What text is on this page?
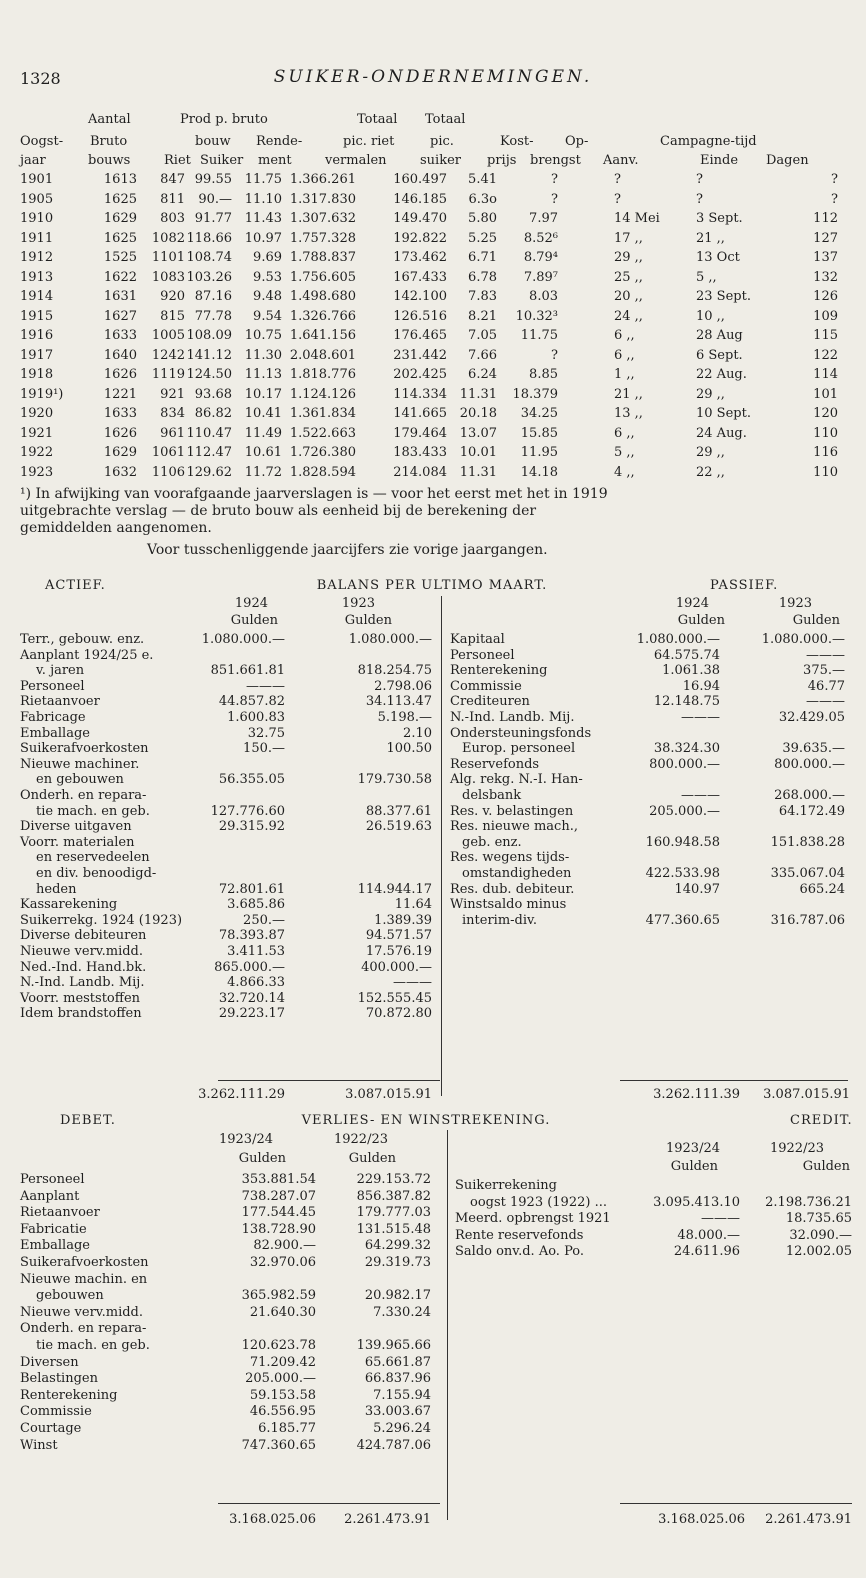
1328	SUIKER-ONDERNEMINGEN.
Aantal	Prod p. bruto	Totaal Totaal
Oogst- Bruto	bouw Rende-	pic. riet	pic.	Kost- Op-	Campagne-tijd
jaar	bouws	Riet Suiker ment	vermalen	suiker prijs brengst Aanv.	Einde Dagen
1901	1613 847 99.55 11.75 1.366.261	160.497 5.41	?	?	?	?
1905	1625 811 90.— 11.10 1.317.830	146.185 6.3o	?	?	?	?
1910	1629 803 91.77 11.43 1.307.632	149.470 5.80 7.97	14 Mei	3 Sept.	112
1911	1625 1082 118.66 10.97 1.757.328	192.822 5.25 8.52⁶	17 ,,	21 ,,	127
1912	1525 1101 108.74 9.69 1.788.837	173.462 6.71 8.79⁴	29 ,,	13 Oct	137
1913	1622 1083 103.26 9.53 1.756.605	167.433 6.78 7.89⁷	25 ,,	5 ,,	132
1914	1631 920 87.16 9.48 1.498.680	142.100 7.83 8.03	20 ,,	23 Sept.	126
1915	1627 815 77.78 9.54 1.326.766	126.516 8.21 10.32³	24 ,,	10 ,,	109
1916	1633 1005 108.09 10.75 1.641.156	176.465 7.05 11.75	6 ,,	28 Aug	115
1917	1640 1242 141.12 11.30 2.048.601	231.442 7.66	?	6 ,,	6 Sept.	122
1918	1626 1119 124.50 11.13 1.818.776	202.425 6.24 8.85	1 ,,	22 Aug.	114
1919¹)	1221 921 93.68 10.17 1.124.126	114.334 11.31 18.379	21 ,,	29 ,,	101
1920	1633 834 86.82 10.41 1.361.834	141.665 20.18 34.25	13 ,,	10 Sept.	120
1921	1626 961 110.47 11.49 1.522.663	179.464 13.07 15.85	6 ,,	24 Aug.	110
1922	1629 1061 112.47 10.61 1.726.380	183.433 10.01 11.95	5 ,,	29 ,,	116
1923	1632 1106 129.62 11.72 1.828.594	214.084 11.31 14.18	4 ,,	22 ,,	110
¹) In afwijking van voorafgaande jaarverslagen is — voor het eerst met het in 1919
uitgebrachte verslag — de bruto bouw als eenheid bij de berekening der
gemiddelden aangenomen.
Voor tusschenliggende jaarcijfers zie vorige jaargangen.
ACTIEF.	BALANS PER ULTIMO MAART.	PASSIEF.
1924	1923
Gulden	Gulden
1924	1923
Gulden	Gulden
Terr., gebouw. enz.	1.080.000.—	1.080.000.—
Aanplant 1924/25 e.
v. jaren	851.661.81	818.254.75
Personeel	———	2.798.06
Rietaanvoer	44.857.82	34.113.47
Fabricage	1.600.83	5.198.—
Emballage	32.75	2.10
Suikerafvoerkosten	150.—	100.50
Nieuwe machiner.
en gebouwen	56.355.05	179.730.58
Onderh. en repara-
tie mach. en geb.	127.776.60	88.377.61
Diverse uitgaven	29.315.92	26.519.63
Voorr. materialen
en reservedeelen
en div. benoodigd-
heden	72.801.61	114.944.17
Kassarekening	3.685.86	11.64
Suikerrekg. 1924 (1923)	250.—	1.389.39
Diverse debiteuren	78.393.87	94.571.57
Nieuwe verv.midd.	3.411.53	17.576.19
Ned.-Ind. Hand.bk.	865.000.—	400.000.—
N.-Ind. Landb. Mij.	4.866.33	———
Voorr. meststoffen	32.720.14	152.555.45
Idem brandstoffen	29.223.17	70.872.80
Kapitaal	1.080.000.—	1.080.000.—
Personeel	64.575.74	———
Renterekening	1.061.38	375.—
Commissie	16.94	46.77
Crediteuren	12.148.75	———
N.-Ind. Landb. Mij.	———	32.429.05
Ondersteuningsfonds
Europ. personeel	38.324.30	39.635.—
Reservefonds	800.000.—	800.000.—
Alg. rekg. N.-I. Han-
delsbank	———	268.000.—
Res. v. belastingen	205.000.—	64.172.49
Res. nieuwe mach.,
geb. enz.	160.948.58	151.838.28
Res. wegens tijds-
omstandigheden	422.533.98	335.067.04
Res. dub. debiteur.	140.97	665.24
Winstsaldo minus
interim-div.	477.360.65	316.787.06
3.262.111.29	3.087.015.91	3.262.111.39 3.087.015.91
DEBET.	VERLIES- EN WINSTREKENING.	CREDIT.
1923/24	1922/23
Gulden	Gulden
1923/24	1922/23
Gulden	Gulden
Personeel	353.881.54	229.153.72
Aanplant	738.287.07	856.387.82
Rietaanvoer	177.544.45	179.777.03
Fabricatie	138.728.90	131.515.48
Emballage	82.900.—	64.299.32
Suikerafvoerkosten	32.970.06	29.319.73
Nieuwe machin. en
gebouwen	365.982.59	20.982.17
Nieuwe verv.midd.	21.640.30	7.330.24
Onderh. en repara-
tie mach. en geb.	120.623.78	139.965.66
Diversen	71.209.42	65.661.87
Belastingen	205.000.—	66.837.96
Renterekening	59.153.58	7.155.94
Commissie	46.556.95	33.003.67
Courtage	6.185.77	5.296.24
Winst	747.360.65	424.787.06
Suikerrekening
oogst 1923 (1922) ...	3.095.413.10 2.198.736.21
Meerd. opbrengst 1921	———	18.735.65
Rente reservefonds	48.000.—	32.090.—
Saldo onv.d. Ao. Po.	24.611.96	12.002.05
3.168.025.06 2.261.473.91	3.168.025.06 2.261.473.91
